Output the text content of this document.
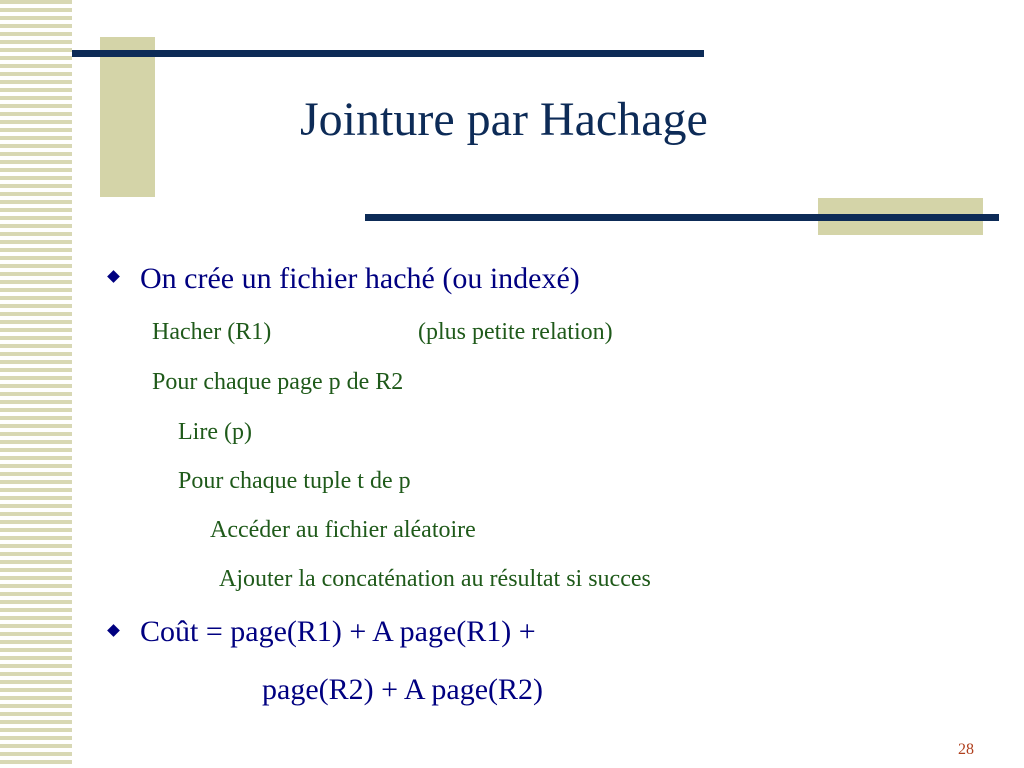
Jointure par Hachage
On crée un fichier haché (ou indexé)
Hacher (R1)	(plus petite relation)
Pour chaque page p de R2
Lire (p)
Pour chaque tuple t de p
Accéder au fichier aléatoire
Ajouter la concaténation au résultat si succes
Coût = page(R1) + A page(R1) +
page(R2) + A page(R2)
28
